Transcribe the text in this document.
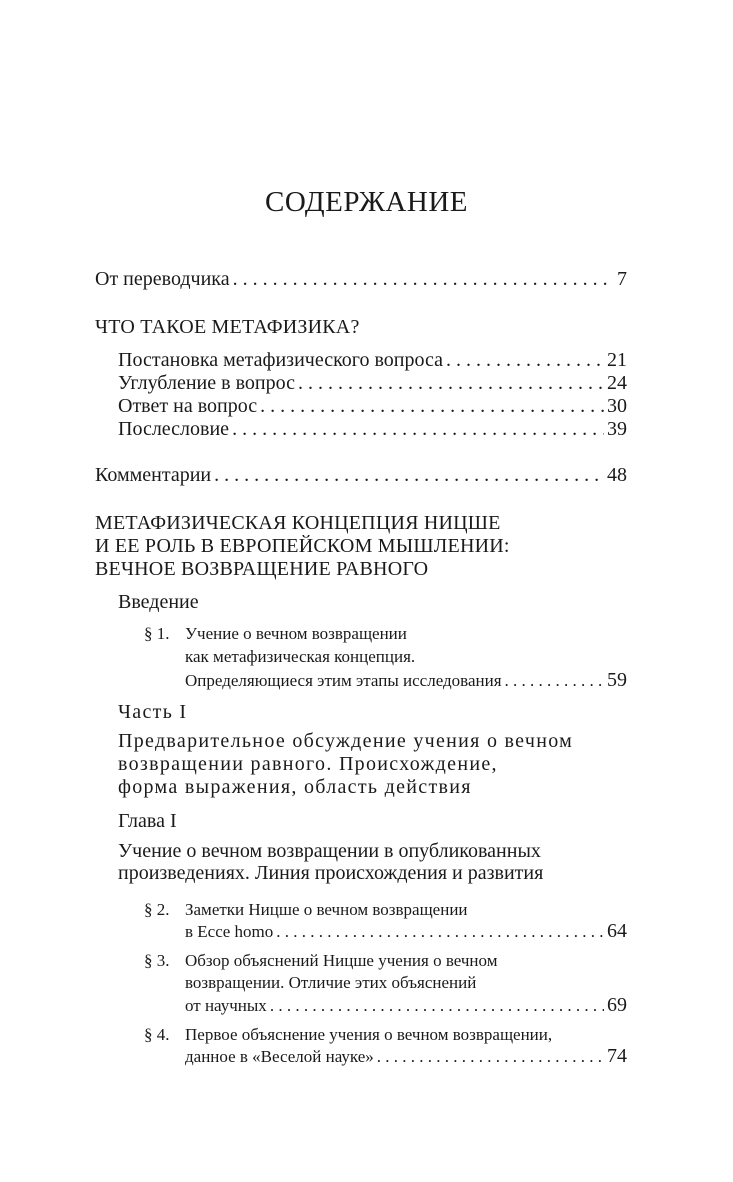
СОДЕРЖАНИЕ
От переводчика . . .	7
ЧТО ТАКОЕ МЕТАФИЗИКА?
Постановка метафизического вопроса . . .	21
Углубление в вопрос . . .	24
Ответ на вопрос . . .	30
Послесловие . . .	39
Комментарии . . .	48
МЕТАФИЗИЧЕСКАЯ КОНЦЕПЦИЯ НИЦШЕ
И ЕЕ РОЛЬ В ЕВРОПЕЙСКОМ МЫШЛЕНИИ:
ВЕЧНОЕ ВОЗВРАЩЕНИЕ РАВНОГО
Введение
§ 1. Учение о вечном возвращении
как метафизическая концепция.
Определяющиеся этим этапы исследования . . .	59
Часть I
Предварительное обсуждение учения о вечном
возвращении равного. Происхождение,
форма выражения, область действия
Глава I
Учение о вечном возвращении в опубликованных
произведениях. Линия происхождения и развития
§ 2. Заметки Ницше о вечном возвращении
в Ecce homo . . .	64
§ 3. Обзор объяснений Ницше учения о вечном
возвращении. Отличие этих объяснений
от научных . . .	69
§ 4. Первое объяснение учения о вечном возвращении,
данное в «Веселой науке» . . .	74
